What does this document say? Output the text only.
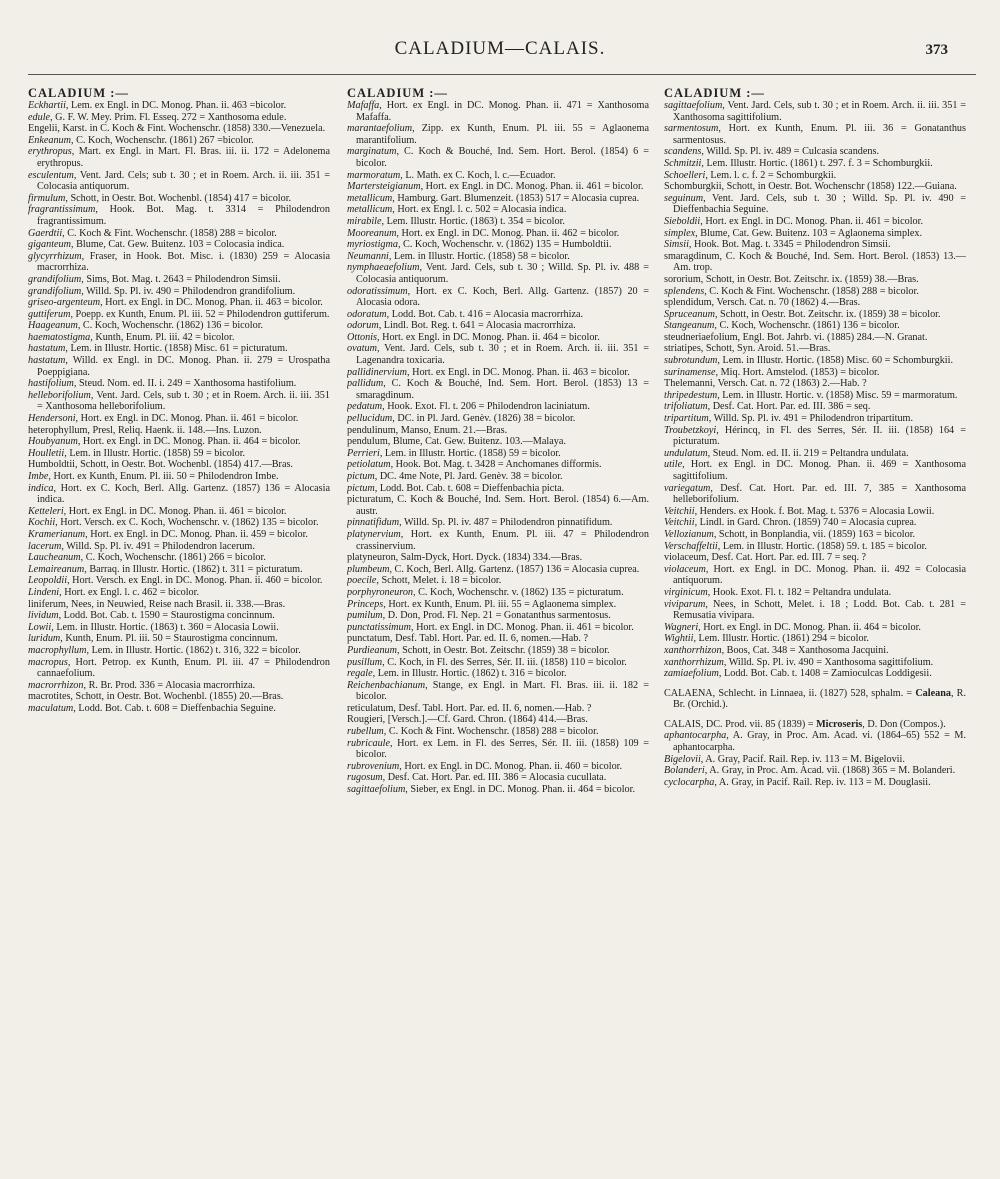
CALADIUM—CALAIS.	373
CALADIUM :—
Eckhartii, Lem. ex Engl. in DC. Monog. Phan. ii. 463 =bicolor.
edule, G. F. W. Mey. Prim. Fl. Esseq. 272 = Xanthosoma edule.
Engelii, Karst. in C. Koch & Fint. Wochenschr. (1858) 330.—Venezuela.
Enkeanum, C. Koch, Wochenschr. (1861) 267 =bicolor.
erythropus, Mart. ex Engl. in Mart. Fl. Bras. iii. ii. 172 = Adelonema erythropus.
esculentum, Vent. Jard. Cels; sub t. 30 ; et in Roem. Arch. ii. iii. 351 = Colocasia antiquorum.
firmulum, Schott, in Oestr. Bot. Wochenbl. (1854) 417 = bicolor.
fragrantissimum, Hook. Bot. Mag. t. 3314 = Philodendron fragrantissimum.
Gaerdtii, C. Koch & Fint. Wochenschr. (1858) 288 = bicolor.
giganteum, Blume, Cat. Gew. Buitenz. 103 = Colocasia indica.
glycyrrhizum, Fraser, in Hook. Bot. Misc. i. (1830) 259 = Alocasia macrorrhiza.
grandifolium, Sims, Bot. Mag. t. 2643 = Philodendron Simsii.
grandifolium, Willd. Sp. Pl. iv. 490 = Philodendron grandifolium.
griseo-argenteum, Hort. ex Engl. in DC. Monog. Phan. ii. 463 = bicolor.
guttiferum, Poepp. ex Kunth, Enum. Pl. iii. 52 = Philodendron guttiferum.
Haageanum, C. Koch, Wochenschr. (1862) 136 = bicolor.
haematostigma, Kunth, Enum. Pl. iii. 42 = bicolor.
hastatum, Lem. in Illustr. Hortic. (1858) Misc. 61 = picturatum.
hastatum, Willd. ex Engl. in DC. Monog. Phan. ii. 279 = Urospatha Poeppigiana.
hastifolium, Steud. Nom. ed. II. i. 249 = Xanthosoma hastifolium.
helleborifolium, Vent. Jard. Cels, sub t. 30 ; et in Roem. Arch. ii. iii. 351 = Xanthosoma helleborifolium.
Hendersoni, Hort. ex Engl. in DC. Monog. Phan. ii. 461 = bicolor.
heterophyllum, Presl, Reliq. Haenk. ii. 148.—Ins. Luzon.
Houbyanum, Hort. ex Engl. in DC. Monog. Phan. ii. 464 = bicolor.
Houlletii, Lem. in Illustr. Hortic. (1858) 59 = bicolor.
Humboldtii, Schott, in Oestr. Bot. Wochenbl. (1854) 417.—Bras.
Imbe, Hort. ex Kunth, Enum. Pl. iii. 50 = Philodendron Imbe.
indica, Hort. ex C. Koch, Berl. Allg. Gartenz. (1857) 136 = Alocasia indica.
Ketteleri, Hort. ex Engl. in DC. Monog. Phan. ii. 461 = bicolor.
Kochii, Hort. Versch. ex C. Koch, Wochenschr. v. (1862) 135 = bicolor.
Kramerianum, Hort. ex Engl. in DC. Monog. Phan. ii. 459 = bicolor.
lacerum, Willd. Sp. Pl. iv. 491 = Philodendron lacerum.
Laucheanum, C. Koch, Wochenschr. (1861) 266 = bicolor.
Lemaireanum, Barraq. in Illustr. Hortic. (1862) t. 311 = picturatum.
Leopoldii, Hort. Versch. ex Engl. in DC. Monog. Phan. ii. 460 = bicolor.
Lindeni, Hort. ex Engl. l. c. 462 = bicolor.
liniferum, Nees, in Neuwied, Reise nach Brasil. ii. 338.—Bras.
lividum, Lodd. Bot. Cab. t. 1590 = Staurostigma concinnum.
Lowii, Lem. in Illustr. Hortic. (1863) t. 360 = Alocasia Lowii.
luridum, Kunth, Enum. Pl. iii. 50 = Staurostigma concinnum.
macrophyllum, Lem. in Illustr. Hortic. (1862) t. 316, 322 = bicolor.
macropus, Hort. Petrop. ex Kunth, Enum. Pl. iii. 47 = Philodendron cannaefolium.
macrorrhizon, R. Br. Prod. 336 = Alocasia macrorrhiza.
macrotites, Schott, in Oestr. Bot. Wochenbl. (1855) 20.—Bras.
maculatum, Lodd. Bot. Cab. t. 608 = Dieffenbachia Seguine.
CALADIUM :—
Mafaffa, Hort. ex Engl. in DC. Monog. Phan. ii. 471 = Xanthosoma Mafaffa.
marantaefolium, Zipp. ex Kunth, Enum. Pl. iii. 55 = Aglaonema marantifolium.
marginatum, C. Koch & Bouché, Ind. Sem. Hort. Berol. (1854) 6 = bicolor.
marmoratum, L. Math. ex C. Koch, l. c.—Ecuador.
Martersteigianum, Hort. ex Engl. in DC. Monog. Phan. ii. 461 = bicolor.
metallicum, Hamburg. Gart. Blumenzeit. (1853) 517 = Alocasia cuprea.
metallicum, Hort. ex Engl. l. c. 502 = Alocasia indica.
mirabile, Lem. Illustr. Hortic. (1863) t. 354 = bicolor.
Mooreanum, Hort. ex Engl. in DC. Monog. Phan. ii. 462 = bicolor.
myriostigma, C. Koch, Wochenschr. v. (1862) 135 = Humboldtii.
Neumanni, Lem. in Illustr. Hortic. (1858) 58 = bicolor.
nymphaeaefolium, Vent. Jard. Cels, sub t. 30 ; Willd. Sp. Pl. iv. 488 = Colocasia antiquorum.
odoratissimum, Hort. ex C. Koch, Berl. Allg. Gartenz. (1857) 20 = Alocasia odora.
odoratum, Lodd. Bot. Cab. t. 416 = Alocasia macrorrhiza.
odorum, Lindl. Bot. Reg. t. 641 = Alocasia macrorrhiza.
Ottonis, Hort. ex Engl. in DC. Monog. Phan. ii. 464 = bicolor.
ovatum, Vent. Jard. Cels, sub t. 30 ; et in Roem. Arch. ii. iii. 351 = Lagenandra toxicaria.
pallidinervium, Hort. ex Engl. in DC. Monog. Phan. ii. 463 = bicolor.
pallidum, C. Koch & Bouché, Ind. Sem. Hort. Berol. (1853) 13 = smaragdinum.
pedatum, Hook. Exot. Fl. t. 206 = Philodendron laciniatum.
pellucidum, DC. in Pl. Jard. Genèv. (1826) 38 = bicolor.
pendulinum, Manso, Enum. 21.—Bras.
pendulum, Blume, Cat. Gew. Buitenz. 103.—Malaya.
Perrieri, Lem. in Illustr. Hortic. (1858) 59 = bicolor.
petiolatum, Hook. Bot. Mag. t. 3428 = Anchomanes difformis.
pictum, DC. 4me Note, Pl. Jard. Genèv. 38 = bicolor.
pictum, Lodd. Bot. Cab. t. 608 = Dieffenbachia picta.
picturatum, C. Koch & Bouché, Ind. Sem. Hort. Berol. (1854) 6.—Am. austr.
pinnatifidum, Willd. Sp. Pl. iv. 487 = Philodendron pinnatifidum.
platynervium, Hort. ex Kunth, Enum. Pl. iii. 47 = Philodendron crassinervium.
platyneuron, Salm-Dyck, Hort. Dyck. (1834) 334.—Bras.
plumbeum, C. Koch, Berl. Allg. Gartenz. (1857) 136 = Alocasia cuprea.
poecile, Schott, Melet. i. 18 = bicolor.
porphyroneuron, C. Koch, Wochenschr. v. (1862) 135 = picturatum.
Princeps, Hort. ex Kunth, Enum. Pl. iii. 55 = Aglaonema simplex.
pumilum, D. Don, Prod. Fl. Nep. 21 = Gonatanthus sarmentosus.
punctatissimum, Hort. ex Engl. in DC. Monog. Phan. ii. 461 = bicolor.
punctatum, Desf. Tabl. Hort. Par. ed. II. 6, nomen.—Hab. ?
Purdieanum, Schott, in Oestr. Bot. Zeitschr. (1859) 38 = bicolor.
pusillum, C. Koch, in Fl. des Serres, Sér. II. iii. (1858) 110 = bicolor.
regale, Lem. in Illustr. Hortic. (1862) t. 316 = bicolor.
Reichenbachianum, Stange, ex Engl. in Mart. Fl. Bras. iii. ii. 182 = bicolor.
reticulatum, Desf. Tabl. Hort. Par. ed. II. 6, nomen.—Hab. ?
Rougieri, [Versch.].—Cf. Gard. Chron. (1864) 414.—Bras.
rubellum, C. Koch & Fint. Wochenschr. (1858) 288 = bicolor.
rubricaule, Hort. ex Lem. in Fl. des Serres, Sér. II. iii. (1858) 109 = bicolor.
rubrovenium, Hort. ex Engl. in DC. Monog. Phan. ii. 460 = bicolor.
rugosum, Desf. Cat. Hort. Par. ed. III. 386 = Alocasia cucullata.
sagittaefolium, Sieber, ex Engl. in DC. Monog. Phan. ii. 464 = bicolor.
CALADIUM :—
sagittaefolium, Vent. Jard. Cels, sub t. 30 ; et in Roem. Arch. ii. iii. 351 = Xanthosoma sagittifolium.
sarmentosum, Hort. ex Kunth, Enum. Pl. iii. 36 = Gonatanthus sarmentosus.
scandens, Willd. Sp. Pl. iv. 489 = Culcasia scandens.
Schmitzii, Lem. Illustr. Hortic. (1861) t. 297. f. 3 = Schomburgkii.
Schoelleri, Lem. l. c. f. 2 = Schomburgkii.
Schomburgkii, Schott, in Oestr. Bot. Wochenschr (1858) 122.—Guiana.
seguinum, Vent. Jard. Cels, sub t. 30 ; Willd. Sp. Pl. iv. 490 = Dieffenbachia Seguine.
Sieboldii, Hort. ex Engl. in DC. Monog. Phan. ii. 461 = bicolor.
simplex, Blume, Cat. Gew. Buitenz. 103 = Aglaonema simplex.
Simsii, Hook. Bot. Mag. t. 3345 = Philodendron Simsii.
smaragdinum, C. Koch & Bouché, Ind. Sem. Hort. Berol. (1853) 13.—Am. trop.
sororium, Schott, in Oestr. Bot. Zeitschr. ix. (1859) 38.—Bras.
splendens, C. Koch & Fint. Wochenschr. (1858) 288 = bicolor.
splendidum, Versch. Cat. n. 70 (1862) 4.—Bras.
Spruceanum, Schott, in Oestr. Bot. Zeitschr. ix. (1859) 38 = bicolor.
Stangeanum, C. Koch, Wochenschr. (1861) 136 = bicolor.
steudneriaefolium, Engl. Bot. Jahrb. vi. (1885) 284.—N. Granat.
striatipes, Schott, Syn. Aroid. 51.—Bras.
subrotundum, Lem. in Illustr. Hortic. (1858) Misc. 60 = Schomburgkii.
surinamense, Miq. Hort. Amstelod. (1853) = bicolor.
Thelemanni, Versch. Cat. n. 72 (1863) 2.—Hab. ?
thripedestum, Lem. in Illustr. Hortic. v. (1858) Misc. 59 = marmoratum.
trifoliatum, Desf. Cat. Hort. Par. ed. III. 386 = seq.
tripartitum, Willd. Sp. Pl. iv. 491 = Philodendron tripartitum.
Troubetzkoyi, Hérincq, in Fl. des Serres, Sér. II. iii. (1858) 164 = picturatum.
undulatum, Steud. Nom. ed. II. ii. 219 = Peltandra undulata.
utile, Hort. ex Engl. in DC. Monog. Phan. ii. 469 = Xanthosoma sagittifolium.
variegatum, Desf. Cat. Hort. Par. ed. III. 7, 385 = Xanthosoma helleborifolium.
Veitchii, Henders. ex Hook. f. Bot. Mag. t. 5376 = Alocasia Lowii.
Veitchii, Lindl. in Gard. Chron. (1859) 740 = Alocasia cuprea.
Vellozianum, Schott, in Bonplandia, vii. (1859) 163 = bicolor.
Verschaffeltii, Lem. in Illustr. Hortic. (1858) 59. t. 185 = bicolor.
violaceum, Desf. Cat. Hort. Par. ed. III. 7 = seq. ?
violaceum, Hort. ex Engl. in DC. Monog. Phan. ii. 492 = Colocasia antiquorum.
virginicum, Hook. Exot. Fl. t. 182 = Peltandra undulata.
viviparum, Nees, in Schott, Melet. i. 18 ; Lodd. Bot. Cab. t. 281 = Remusatia vivipara.
Wagneri, Hort. ex Engl. in DC. Monog. Phan. ii. 464 = bicolor.
Wightii, Lem. Illustr. Hortic. (1861) 294 = bicolor.
xanthorrhizon, Boos, Cat. 348 = Xanthosoma Jacquini.
xanthorrhizum, Willd. Sp. Pl. iv. 490 = Xanthosoma sagittifolium.
zamiaefolium, Lodd. Bot. Cab. t. 1408 = Zamioculcas Loddigesii.
CALAENA, Schlecht. in Linnaea, ii. (1827) 528, sphalm. = Caleana, R. Br. (Orchid.).
CALAIS, DC. Prod. vii. 85 (1839) = Microseris, D. Don (Compos.).
aphantocarpha, A. Gray, in Proc. Am. Acad. vi. (1864–65) 552 = M. aphantocarpha.
Bigelovii, A. Gray, Pacif. Rail. Rep. iv. 113 = M. Bigelovii.
Bolanderi, A. Gray, in Proc. Am. Acad. vii. (1868) 365 = M. Bolanderi.
cyclocarpha, A. Gray, in Pacif. Rail. Rep. iv. 113 = M. Douglasii.
